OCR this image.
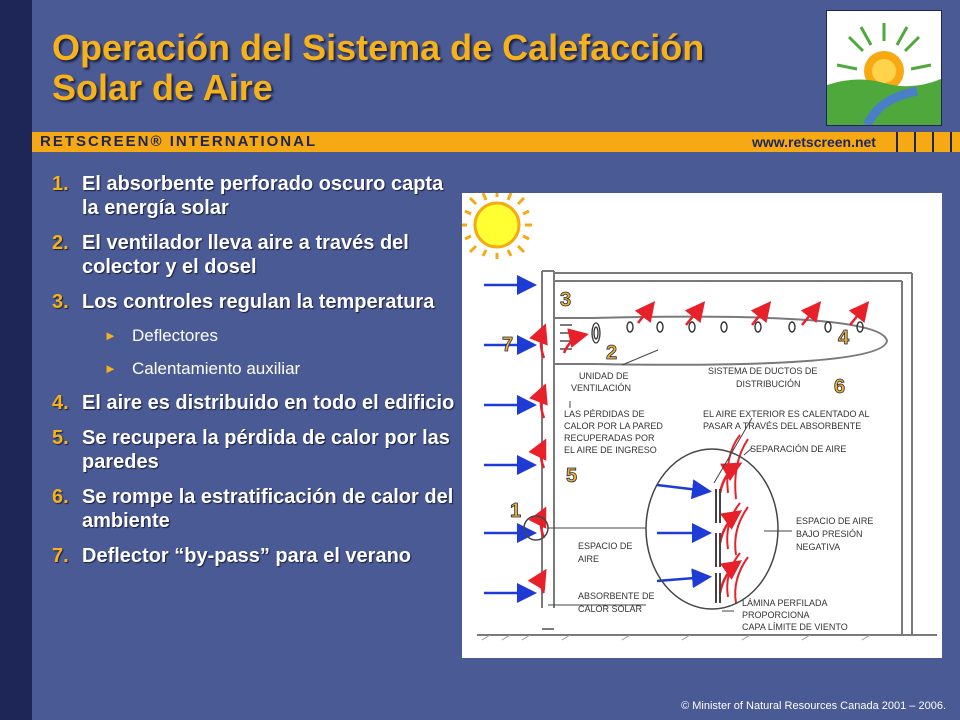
Operación del Sistema de Calefacción
Solar de Aire
RETSCREEN® INTERNATIONAL	www.retscreen.net
1. El absorbente perforado oscuro capta la energía solar
2. El ventilador lleva aire a través del colector y el dosel
3. Los controles regulan la temperatura
► Deflectores
► Calentamiento auxiliar
4. El aire es distribuido en todo el edificio
5. Se recupera la pérdida de calor por las paredes
6. Se rompe la estratificación de calor del ambiente
7. Deflector “by-pass” para el verano
1
2
3
4
5
6
7
UNIDAD DE
VENTILACIÓN
SISTEMA DE DUCTOS DE
DISTRIBUCIÓN
LAS PÉRDIDAS DE
CALOR POR LA PARED
RECUPERADAS POR
EL AIRE DE INGRESO
EL AIRE EXTERIOR ES CALENTADO AL
PASAR A TRAVÉS DEL ABSORBENTE
SEPARACIÓN DE AIRE
ESPACIO DE AIRE
BAJO PRESIÓN
NEGATIVA
ESPACIO DE
AIRE
ABSORBENTE DE
CALOR SOLAR
LÁMINA PERFILADA
PROPORCIONA
CAPA LÍMITE DE VIENTO
© Minister of Natural Resources Canada 2001 – 2006.
